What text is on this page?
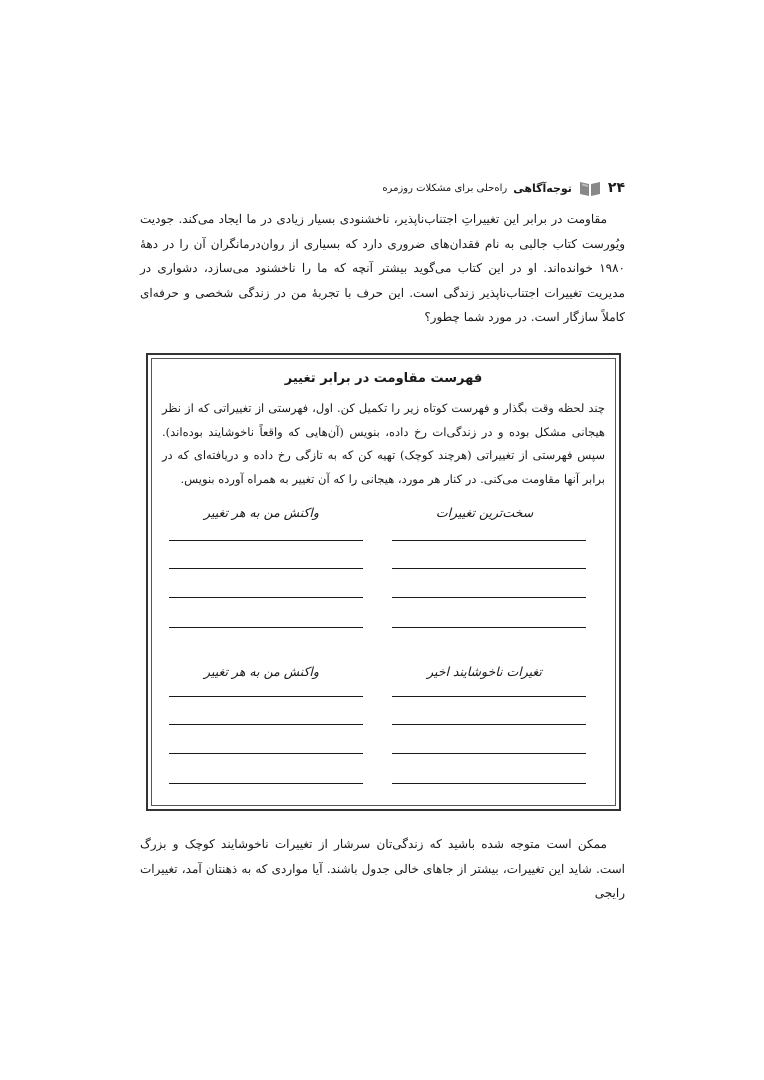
۲۴
توجه‌آگاهی
راه‌حلی برای مشکلات روزمره

مقاومت در برابر این تغییراتِ اجتناب‌ناپذیر، ناخشنودی بسیار زیادی در ما ایجاد می‌کند. جودیت ویُورست کتاب جالبی به نام فقدان‌های ضروری دارد که بسیاری از روان‌درمانگران آن را در دهۀ ۱۹۸۰ خوانده‌اند. او در این کتاب می‌گوید بیشتر آنچه که ما را ناخشنود می‌سازد، دشواری در مدیریت تغییرات اجتناب‌ناپذیر زندگی است. این حرف با تجربۀ من در زندگی شخصی و حرفه‌ای کاملاً سازگار است. در مورد شما چطور؟

فهرست مقاومت در برابر تغییر

چند لحظه وقت بگذار و فهرست کوتاه زیر را تکمیل کن. اول، فهرستی از تغییراتی که از نظر هیجانی مشکل بوده و در زندگی‌ات رخ داده، بنویس (آن‌هایی که واقعاً ناخوشایند بوده‌اند). سپس فهرستی از تغییراتی (هرچند کوچک) تهیه کن که به تازگی رخ داده و دریافته‌ای که در برابر آنها مقاومت می‌کنی. در کنار هر مورد، هیجانی را که آن تغییر به همراه آورده بنویس.

سخت‌ترین تغییرات
واکنش من به هر تغییر
تغیرات ناخوشایند اخیر
واکنش من به هر تغییر

ممکن است متوجه شده باشید که زندگی‌تان سرشار از تغییرات ناخوشایند کوچک و بزرگ است. شاید این تغییرات، بیشتر از جاهای خالی جدول باشند. آیا مواردی که به ذهنتان آمد، تغییرات رایجی
